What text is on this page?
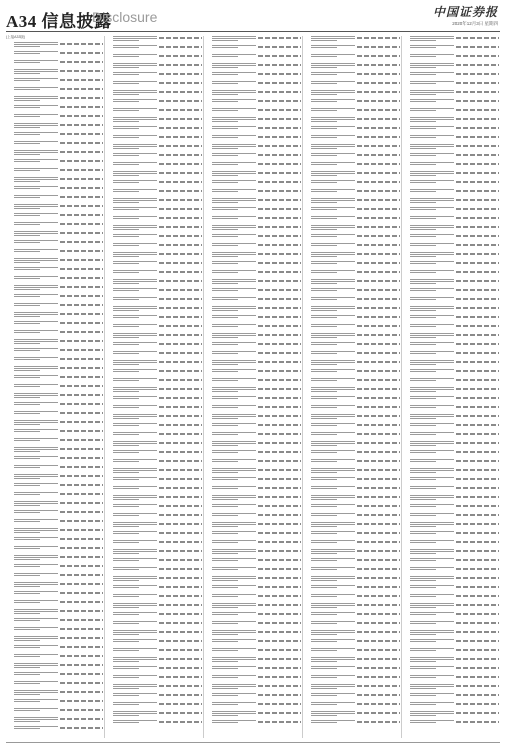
A34 信息披露
Disclosure	中国证券报
2020年12月3日 星期四
(上接A33版)
